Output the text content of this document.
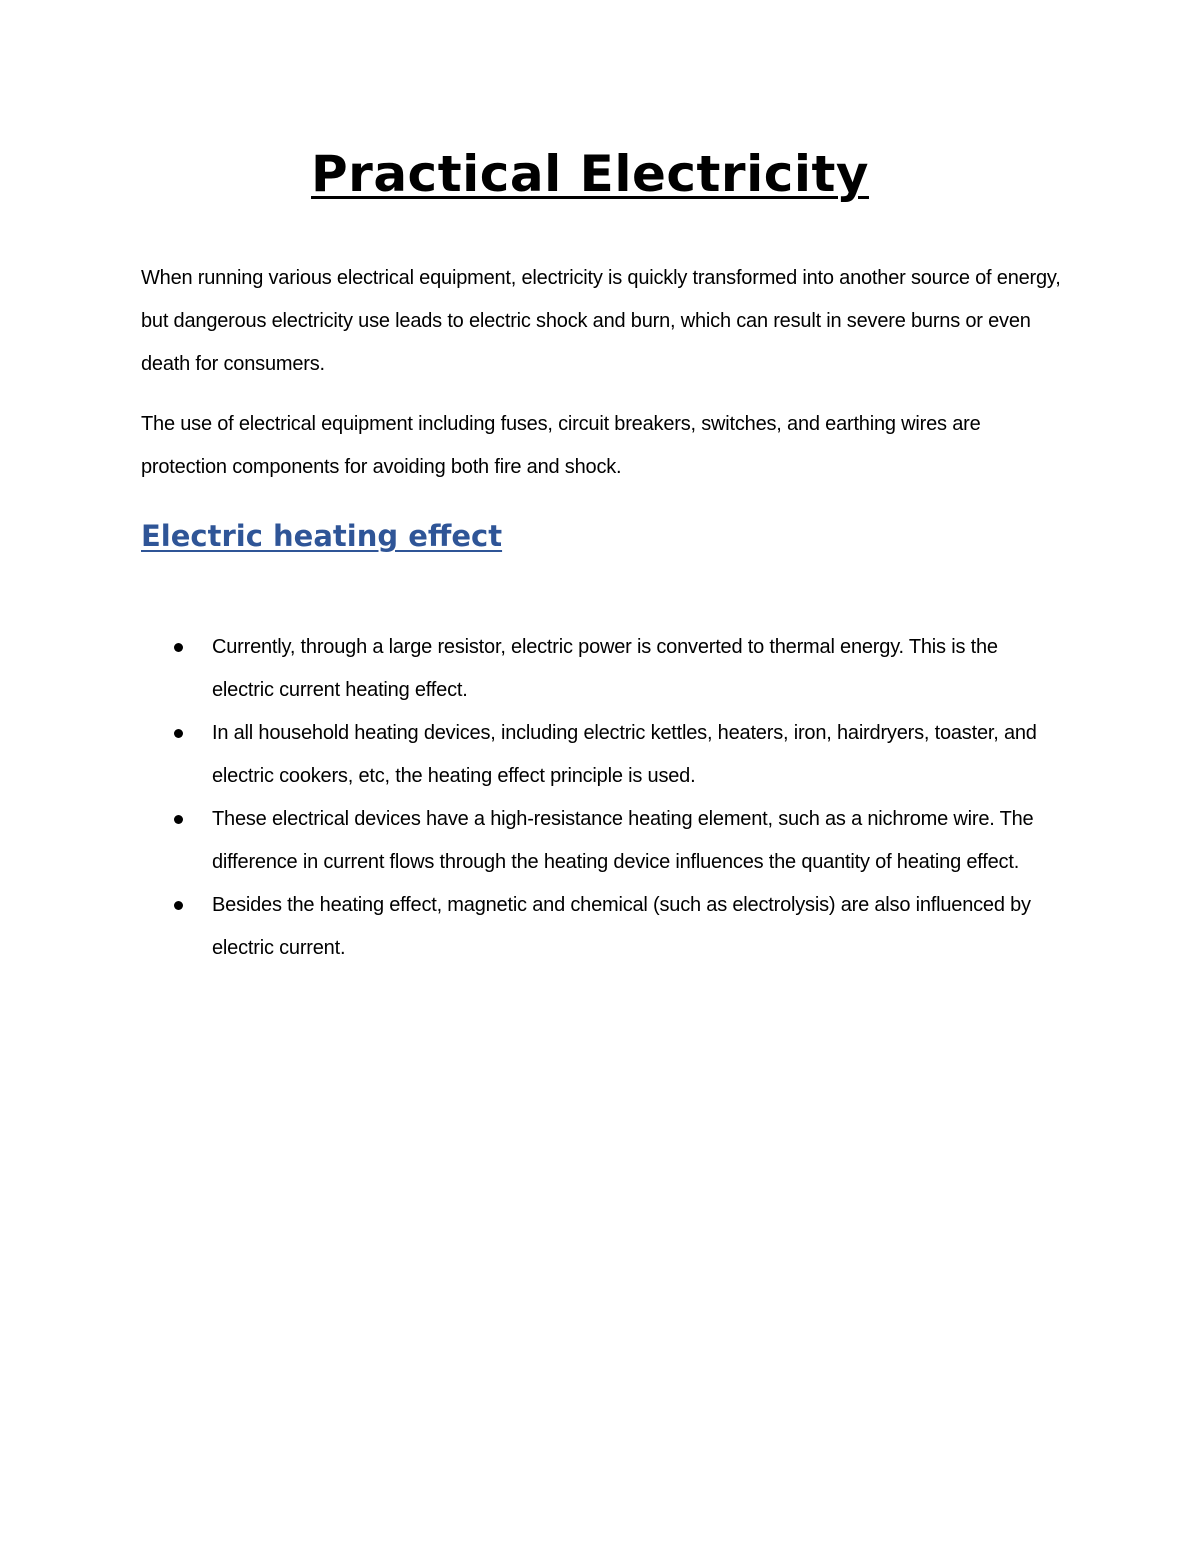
Practical Electricity

When running various electrical equipment, electricity is quickly transformed into another source of energy, but dangerous electricity use leads to electric shock and burn, which can result in severe burns or even death for consumers.

The use of electrical equipment including fuses, circuit breakers, switches, and earthing wires are protection components for avoiding both fire and shock.

Electric heating effect
Currently, through a large resistor, electric power is converted to thermal energy. This is the electric current heating effect.
In all household heating devices, including electric kettles, heaters, iron, hairdryers, toaster, and electric cookers, etc, the heating effect principle is used.
These electrical devices have a high-resistance heating element, such as a nichrome wire. The difference in current flows through the heating device influences the quantity of heating effect.
Besides the heating effect, magnetic and chemical (such as electrolysis) are also influenced by electric current.
